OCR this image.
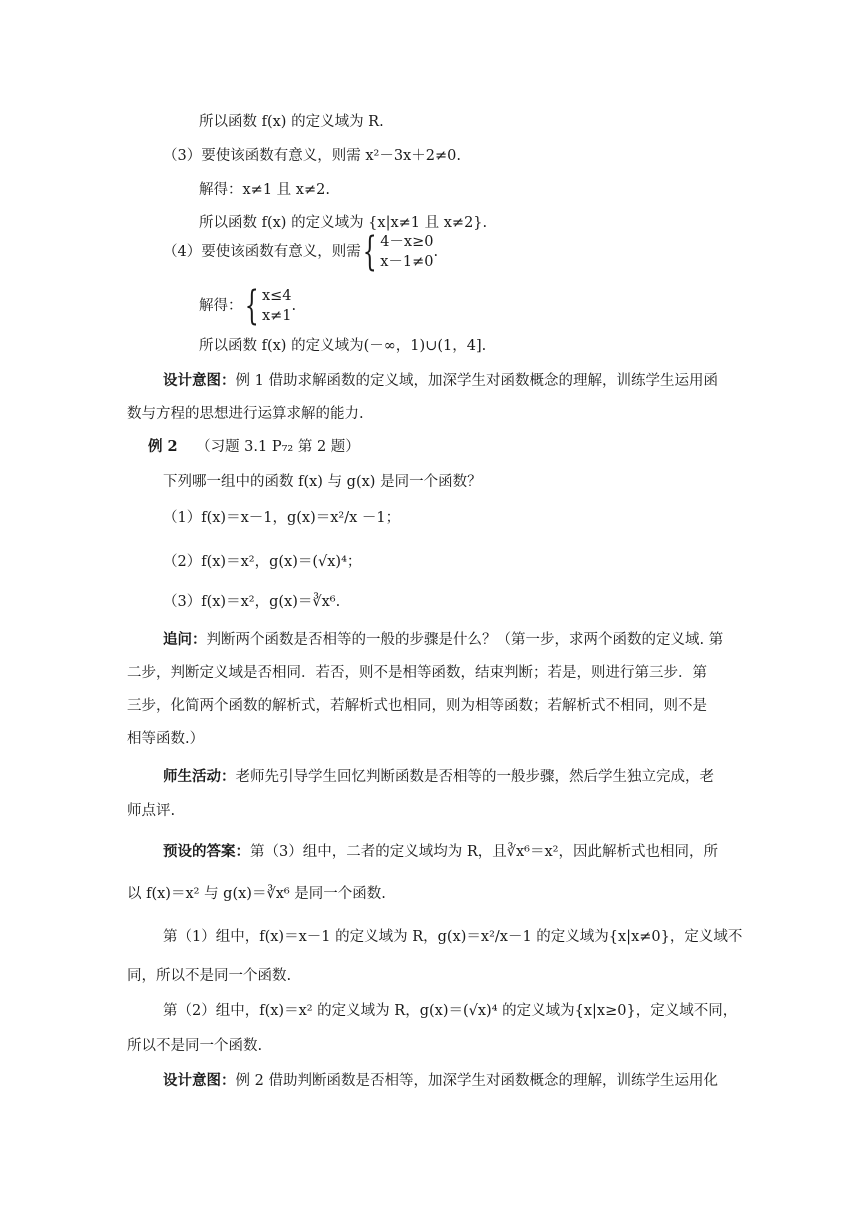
所以函数 f(x) 的定义域为 R.
（3）要使该函数有意义，则需 x²－3x＋2≠0.
解得：x≠1 且 x≠2.
所以函数 f(x) 的定义域为 {x|x≠1 且 x≠2}.
（4）要使该函数有意义，则需{ 4－x≥0
x－1≠0
.
解得：{ x≤4
x≠1
.
所以函数 f(x) 的定义域为(－∞，1)∪(1，4].
设计意图：例 1 借助求解函数的定义域，加深学生对函数概念的理解，训练学生运用函
数与方程的思想进行运算求解的能力.
例 2 （习题 3.1 P₇₂ 第 2 题）
下列哪一组中的函数 f(x) 与 g(x) 是同一个函数？
（1）f(x)＝x－1，g(x)＝x²/x －1；
（2）f(x)＝x²，g(x)＝(√x)⁴；
（3）f(x)＝x²，g(x)＝∛x⁶.
追问：判断两个函数是否相等的一般的步骤是什么？（第一步，求两个函数的定义域. 第
二步，判断定义域是否相同．若否，则不是相等函数，结束判断；若是，则进行第三步．第
三步，化简两个函数的解析式，若解析式也相同，则为相等函数；若解析式不相同，则不是
相等函数.）
师生活动：老师先引导学生回忆判断函数是否相等的一般步骤，然后学生独立完成，老
师点评.
预设的答案：第（3）组中，二者的定义域均为 R，且∛x⁶＝x²，因此解析式也相同，所
以 f(x)＝x² 与 g(x)＝∛x⁶ 是同一个函数.
第（1）组中，f(x)＝x－1 的定义域为 R，g(x)＝x²/x－1 的定义域为{x|x≠0}，定义域不
同，所以不是同一个函数.
第（2）组中，f(x)＝x² 的定义域为 R，g(x)＝(√x)⁴ 的定义域为{x|x≥0}，定义域不同，
所以不是同一个函数.
设计意图：例 2 借助判断函数是否相等，加深学生对函数概念的理解，训练学生运用化
